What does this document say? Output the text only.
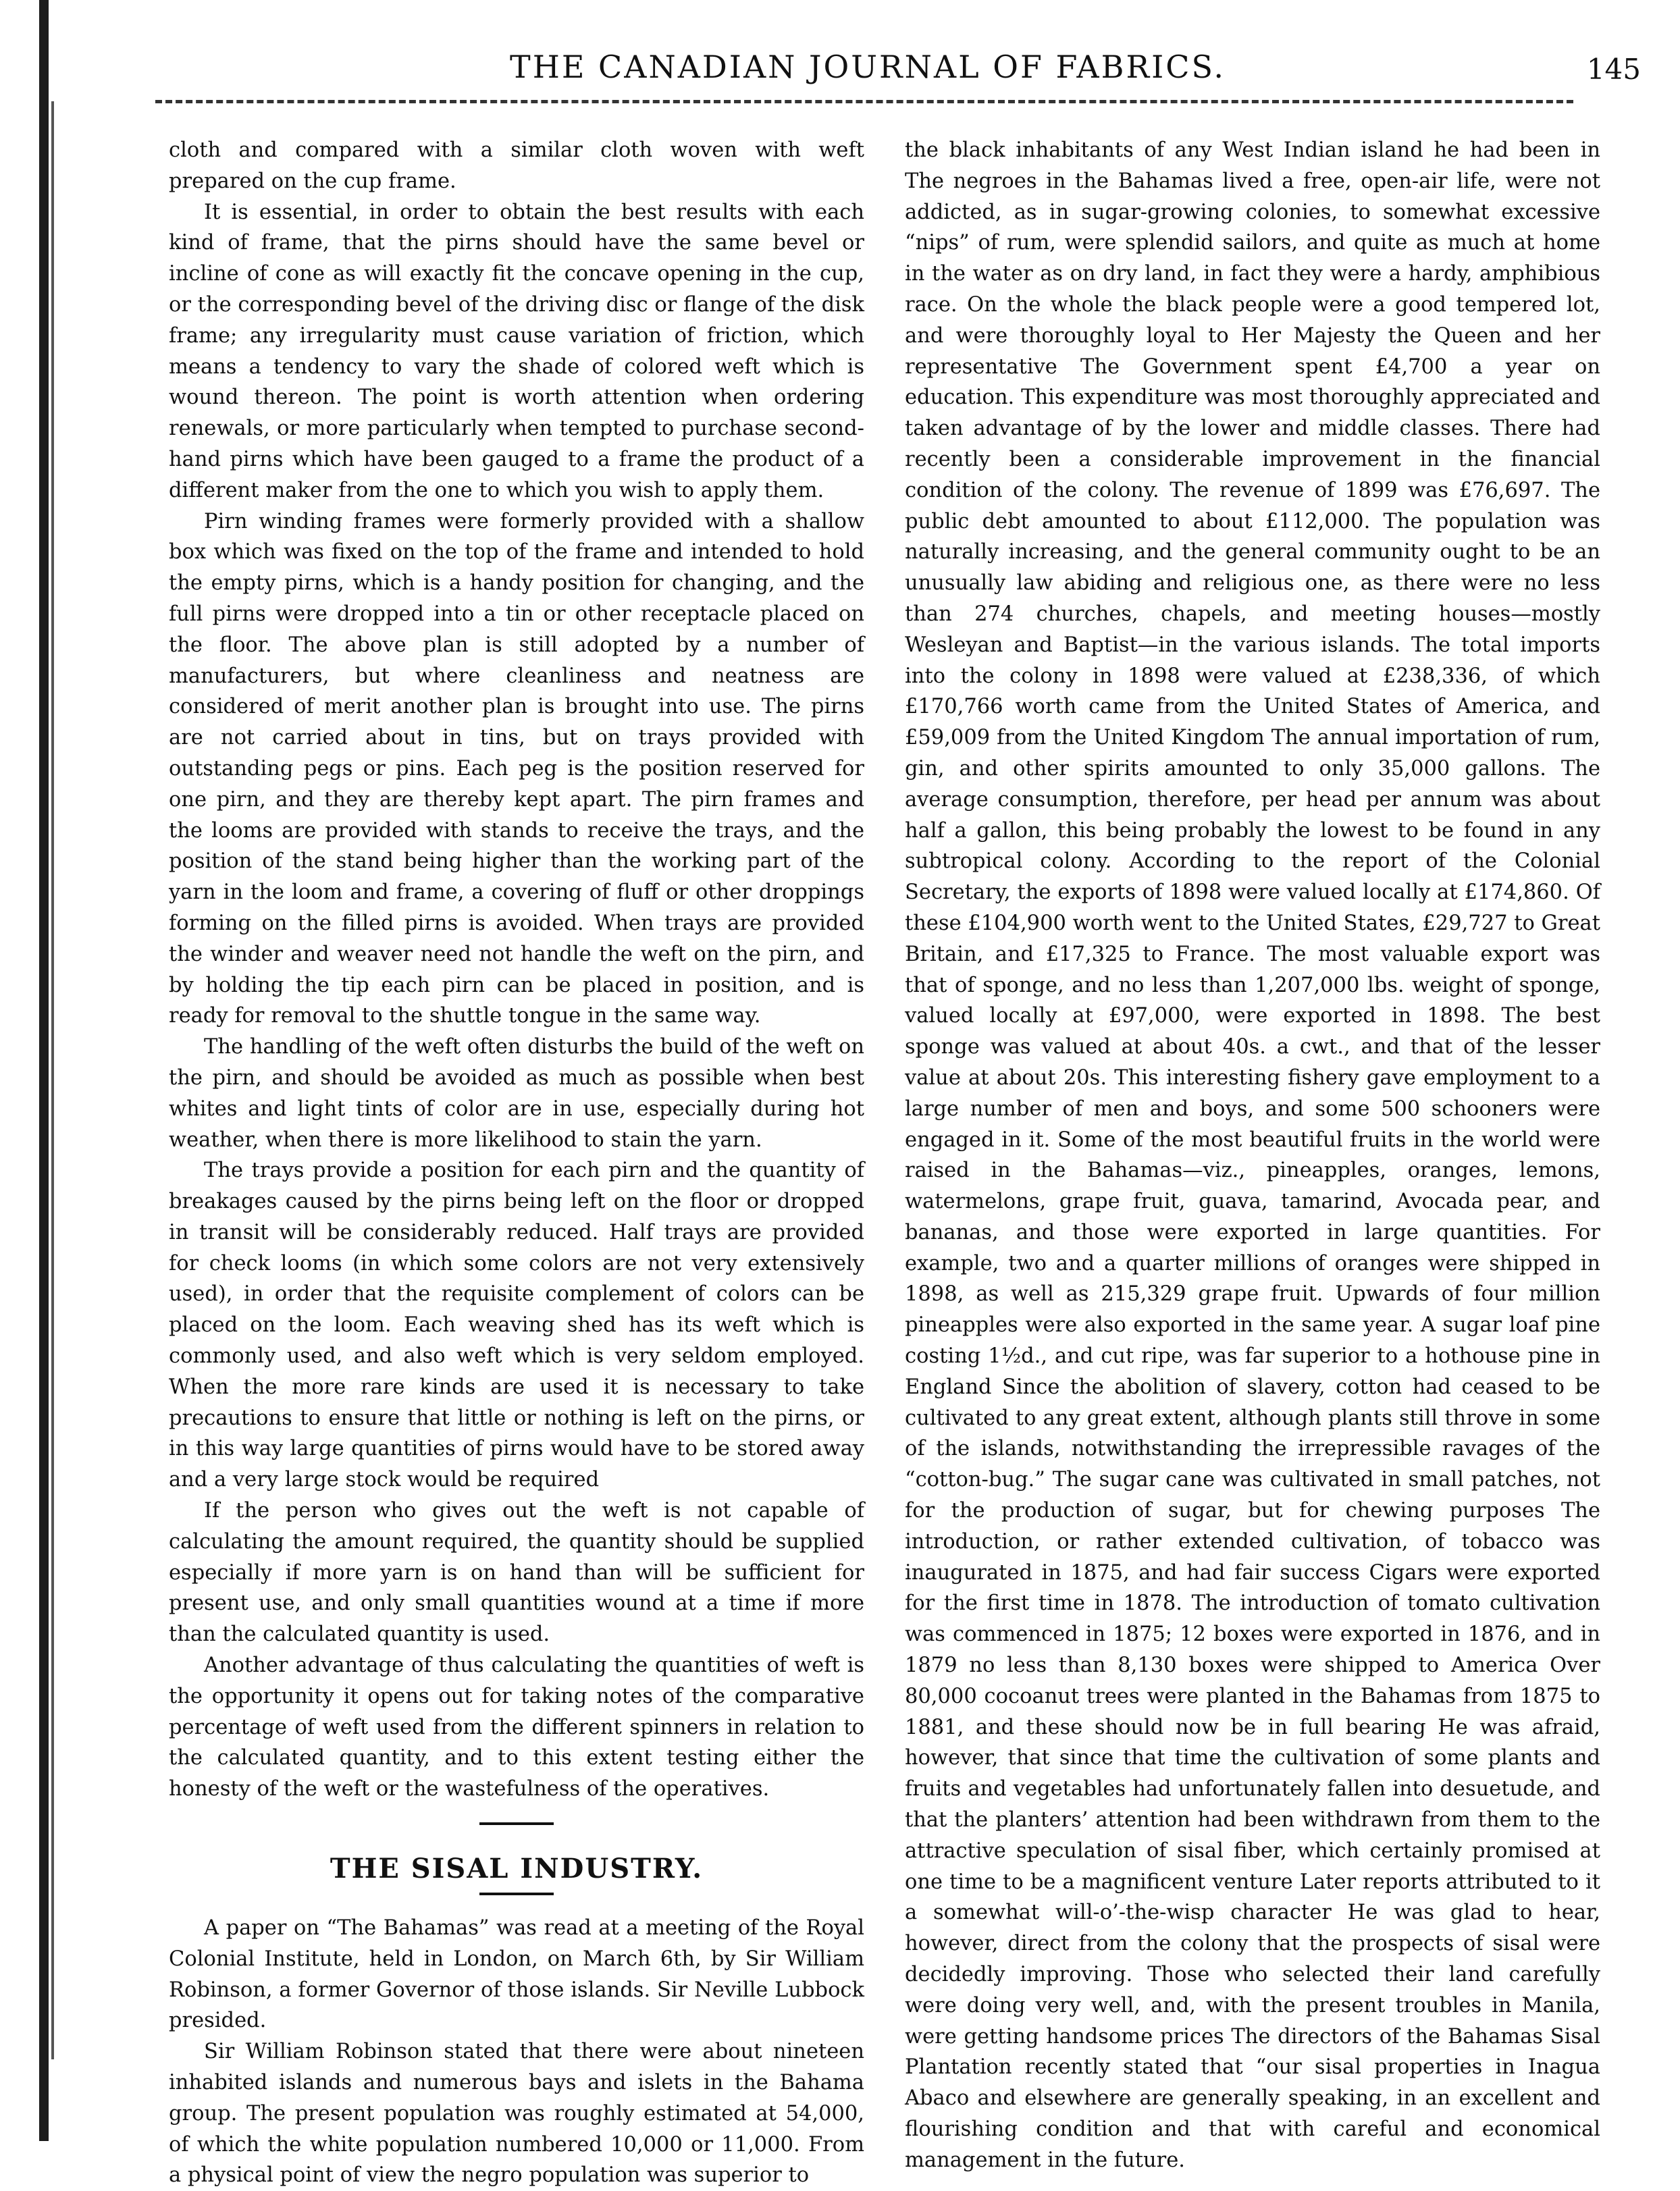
THE CANADIAN JOURNAL OF FABRICS.	145

cloth and compared with a similar cloth woven with weft prepared on the cup frame.

It is essential, in order to obtain the best results with each kind of frame, that the pirns should have the same bevel or incline of cone as will exactly fit the concave opening in the cup, or the corresponding bevel of the driving disc or flange of the disk frame; any irregularity must cause variation of friction, which means a tendency to vary the shade of colored weft which is wound thereon. The point is worth attention when ordering renewals, or more particularly when tempted to purchase second-hand pirns which have been gauged to a frame the product of a different maker from the one to which you wish to apply them.

Pirn winding frames were formerly provided with a shallow box which was fixed on the top of the frame and intended to hold the empty pirns, which is a handy position for changing, and the full pirns were dropped into a tin or other receptacle placed on the floor. The above plan is still adopted by a number of manufacturers, but where cleanliness and neatness are considered of merit another plan is brought into use. The pirns are not carried about in tins, but on trays provided with outstanding pegs or pins. Each peg is the position reserved for one pirn, and they are thereby kept apart. The pirn frames and the looms are provided with stands to receive the trays, and the position of the stand being higher than the working part of the yarn in the loom and frame, a covering of fluff or other droppings forming on the filled pirns is avoided. When trays are provided the winder and weaver need not handle the weft on the pirn, and by holding the tip each pirn can be placed in position, and is ready for removal to the shuttle tongue in the same way.

The handling of the weft often disturbs the build of the weft on the pirn, and should be avoided as much as possible when best whites and light tints of color are in use, especially during hot weather, when there is more likelihood to stain the yarn.

The trays provide a position for each pirn and the quantity of breakages caused by the pirns being left on the floor or dropped in transit will be considerably reduced. Half trays are provided for check looms (in which some colors are not very extensively used), in order that the requisite complement of colors can be placed on the loom. Each weaving shed has its weft which is commonly used, and also weft which is very seldom employed. When the more rare kinds are used it is necessary to take precautions to ensure that little or nothing is left on the pirns, or in this way large quantities of pirns would have to be stored away and a very large stock would be required

If the person who gives out the weft is not capable of calculating the amount required, the quantity should be supplied especially if more yarn is on hand than will be sufficient for present use, and only small quantities wound at a time if more than the calculated quantity is used.

Another advantage of thus calculating the quantities of weft is the opportunity it opens out for taking notes of the comparative percentage of weft used from the different spinners in relation to the calculated quantity, and to this extent testing either the honesty of the weft or the wastefulness of the operatives.

THE SISAL INDUSTRY.

A paper on “The Bahamas” was read at a meeting of the Royal Colonial Institute, held in London, on March 6th, by Sir William Robinson, a former Governor of those islands. Sir Neville Lubbock presided.

Sir William Robinson stated that there were about nineteen inhabited islands and numerous bays and islets in the Bahama group. The present population was roughly estimated at 54,000, of which the white population numbered 10,000 or 11,000. From a physical point of view the negro population was superior to

the black inhabitants of any West Indian island he had been in The negroes in the Bahamas lived a free, open-air life, were not addicted, as in sugar-growing colonies, to somewhat excessive “nips” of rum, were splendid sailors, and quite as much at home in the water as on dry land, in fact they were a hardy, amphibious race. On the whole the black people were a good tempered lot, and were thoroughly loyal to Her Majesty the Queen and her representative The Government spent £4,700 a year on education. This expenditure was most thoroughly appreciated and taken advantage of by the lower and middle classes. There had recently been a considerable improvement in the financial condition of the colony. The revenue of 1899 was £76,697. The public debt amounted to about £112,000. The population was naturally increasing, and the general community ought to be an unusually law abiding and religious one, as there were no less than 274 churches, chapels, and meeting houses—mostly Wesleyan and Baptist—in the various islands. The total imports into the colony in 1898 were valued at £238,336, of which £170,766 worth came from the United States of America, and £59,009 from the United Kingdom The annual importation of rum, gin, and other spirits amounted to only 35,000 gallons. The average consumption, therefore, per head per annum was about half a gallon, this being probably the lowest to be found in any subtropical colony. According to the report of the Colonial Secretary, the exports of 1898 were valued locally at £174,860. Of these £104,900 worth went to the United States, £29,727 to Great Britain, and £17,325 to France. The most valuable export was that of sponge, and no less than 1,207,000 lbs. weight of sponge, valued locally at £97,000, were exported in 1898. The best sponge was valued at about 40s. a cwt., and that of the lesser value at about 20s. This interesting fishery gave employment to a large number of men and boys, and some 500 schooners were engaged in it. Some of the most beautiful fruits in the world were raised in the Bahamas—viz., pineapples, oranges, lemons, watermelons, grape fruit, guava, tamarind, Avocada pear, and bananas, and those were exported in large quantities. For example, two and a quarter millions of oranges were shipped in 1898, as well as 215,329 grape fruit. Upwards of four million pineapples were also exported in the same year. A sugar loaf pine costing 1½d., and cut ripe, was far superior to a hothouse pine in England Since the abolition of slavery, cotton had ceased to be cultivated to any great extent, although plants still throve in some of the islands, notwithstanding the irrepressible ravages of the “cotton-bug.” The sugar cane was cultivated in small patches, not for the production of sugar, but for chewing purposes The introduction, or rather extended cultivation, of tobacco was inaugurated in 1875, and had fair success Cigars were exported for the first time in 1878. The introduction of tomato cultivation was commenced in 1875; 12 boxes were exported in 1876, and in 1879 no less than 8,130 boxes were shipped to America Over 80,000 cocoanut trees were planted in the Bahamas from 1875 to 1881, and these should now be in full bearing He was afraid, however, that since that time the cultivation of some plants and fruits and vegetables had unfortunately fallen into desuetude, and that the planters’ attention had been withdrawn from them to the attractive speculation of sisal fiber, which certainly promised at one time to be a magnificent venture Later reports attributed to it a somewhat will-o’-the-wisp character He was glad to hear, however, direct from the colony that the prospects of sisal were decidedly improving. Those who selected their land carefully were doing very well, and, with the present troubles in Manila, were getting handsome prices The directors of the Bahamas Sisal Plantation recently stated that “our sisal properties in Inagua Abaco and elsewhere are generally speaking, in an excellent and flourishing condition and that with careful and economical management in the future.
